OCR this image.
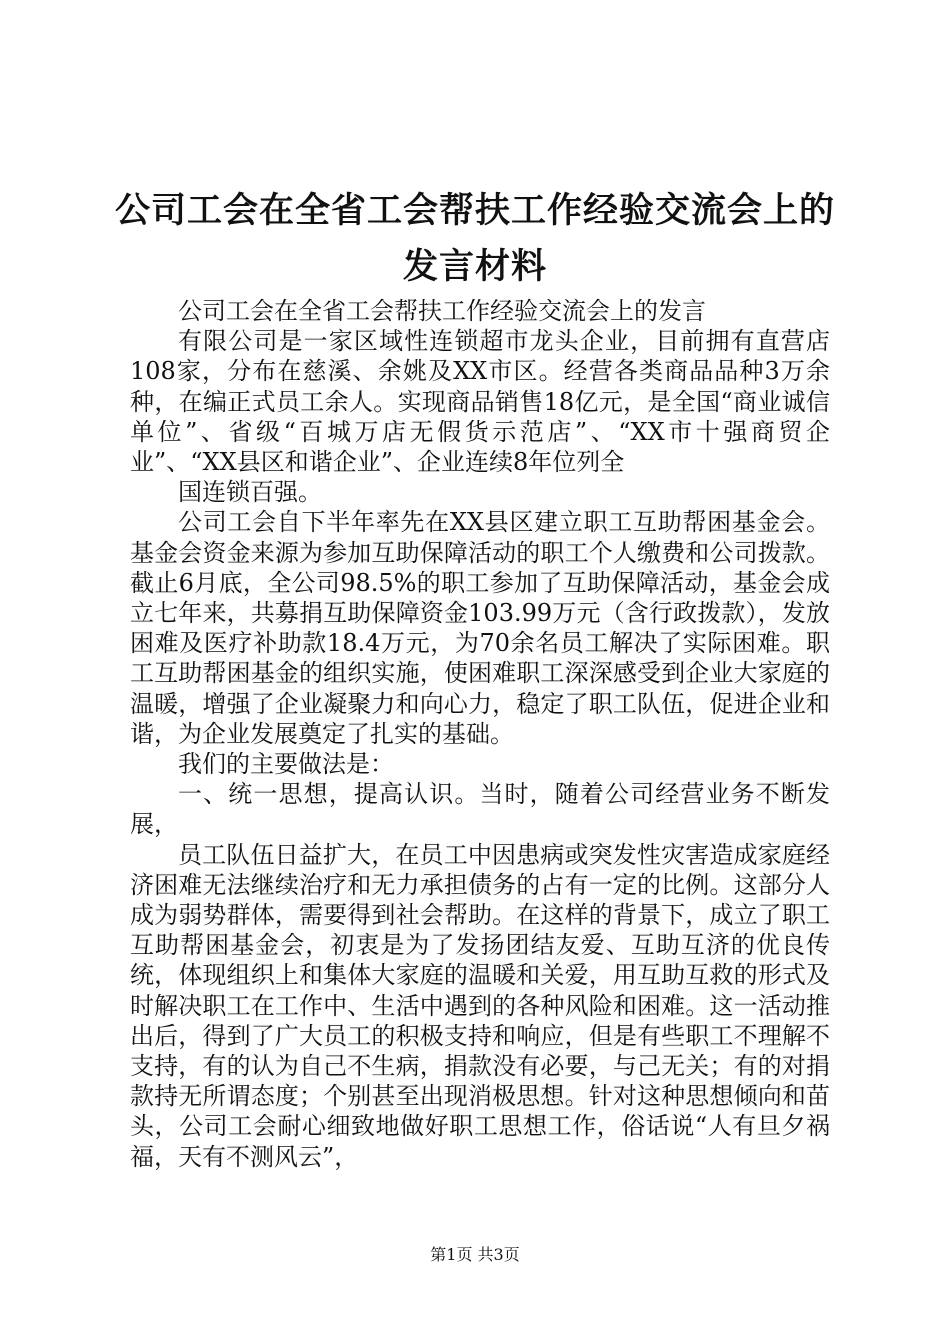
公司工会在全省工会帮扶工作经验交流会上的发言材料

公司工会在全省工会帮扶工作经验交流会上的发言

有限公司是一家区域性连锁超市龙头企业，目前拥有直营店108家，分布在慈溪、余姚及XX市区。经营各类商品品种3万余种，在编正式员工余人。实现商品销售18亿元，是全国“商业诚信单位”、省级“百城万店无假货示范店”、“XX市十强商贸企业”、“XX县区和谐企业”、企业连续8年位列全

国连锁百强。

公司工会自下半年率先在XX县区建立职工互助帮困基金会。基金会资金来源为参加互助保障活动的职工个人缴费和公司拨款。截止6月底，全公司98.5%的职工参加了互助保障活动，基金会成立七年来，共募捐互助保障资金103.99万元（含行政拨款），发放困难及医疗补助款18.4万元，为70余名员工解决了实际困难。职工互助帮困基金的组织实施，使困难职工深深感受到企业大家庭的温暖，增强了企业凝聚力和向心力，稳定了职工队伍，促进企业和谐，为企业发展奠定了扎实的基础。

我们的主要做法是：

一、统一思想，提高认识。当时，随着公司经营业务不断发展，

员工队伍日益扩大，在员工中因患病或突发性灾害造成家庭经济困难无法继续治疗和无力承担债务的占有一定的比例。这部分人成为弱势群体，需要得到社会帮助。在这样的背景下，成立了职工互助帮困基金会，初衷是为了发扬团结友爱、互助互济的优良传统，体现组织上和集体大家庭的温暖和关爱，用互助互救的形式及时解决职工在工作中、生活中遇到的各种风险和困难。这一活动推出后，得到了广大员工的积极支持和响应，但是有些职工不理解不支持，有的认为自己不生病，捐款没有必要，与己无关；有的对捐款持无所谓态度；个别甚至出现消极思想。针对这种思想倾向和苗头，公司工会耐心细致地做好职工思想工作，俗话说“人有旦夕祸福，天有不测风云”，

第1页 共3页
